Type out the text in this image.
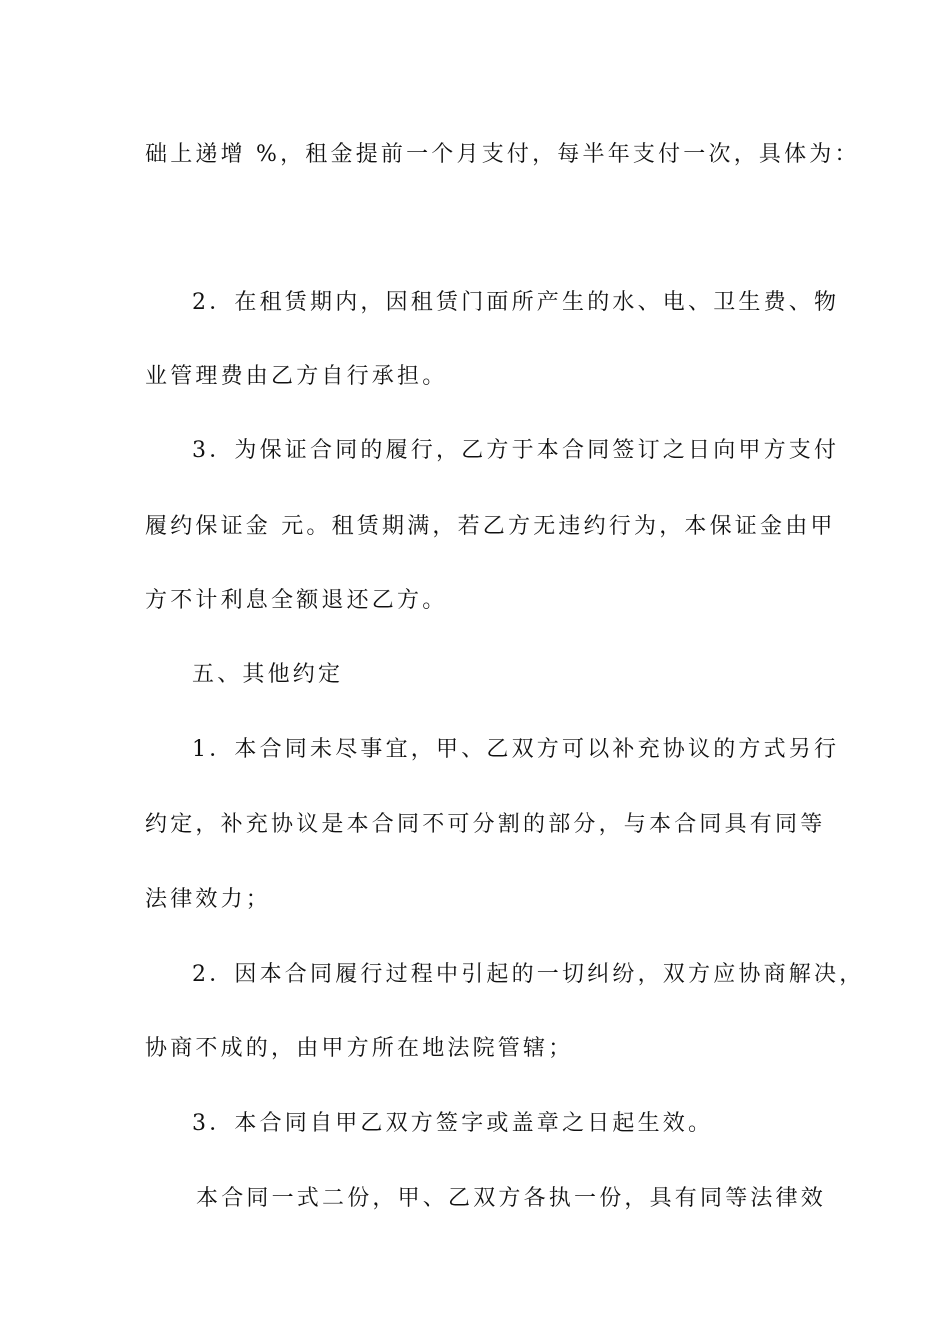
础上递增 %，租金提前一个月支付，每半年支付一次，具体为：
2．在租赁期内，因租赁门面所产生的水、电、卫生费、物
业管理费由乙方自行承担。
3．为保证合同的履行，乙方于本合同签订之日向甲方支付
履约保证金 元。租赁期满，若乙方无违约行为，本保证金由甲
方不计利息全额退还乙方。
五、其他约定
1．本合同未尽事宜，甲、乙双方可以补充协议的方式另行
约定，补充协议是本合同不可分割的部分，与本合同具有同等
法律效力；
2．因本合同履行过程中引起的一切纠纷，双方应协商解决，
协商不成的，由甲方所在地法院管辖；
3．本合同自甲乙双方签字或盖章之日起生效。
本合同一式二份，甲、乙双方各执一份，具有同等法律效
